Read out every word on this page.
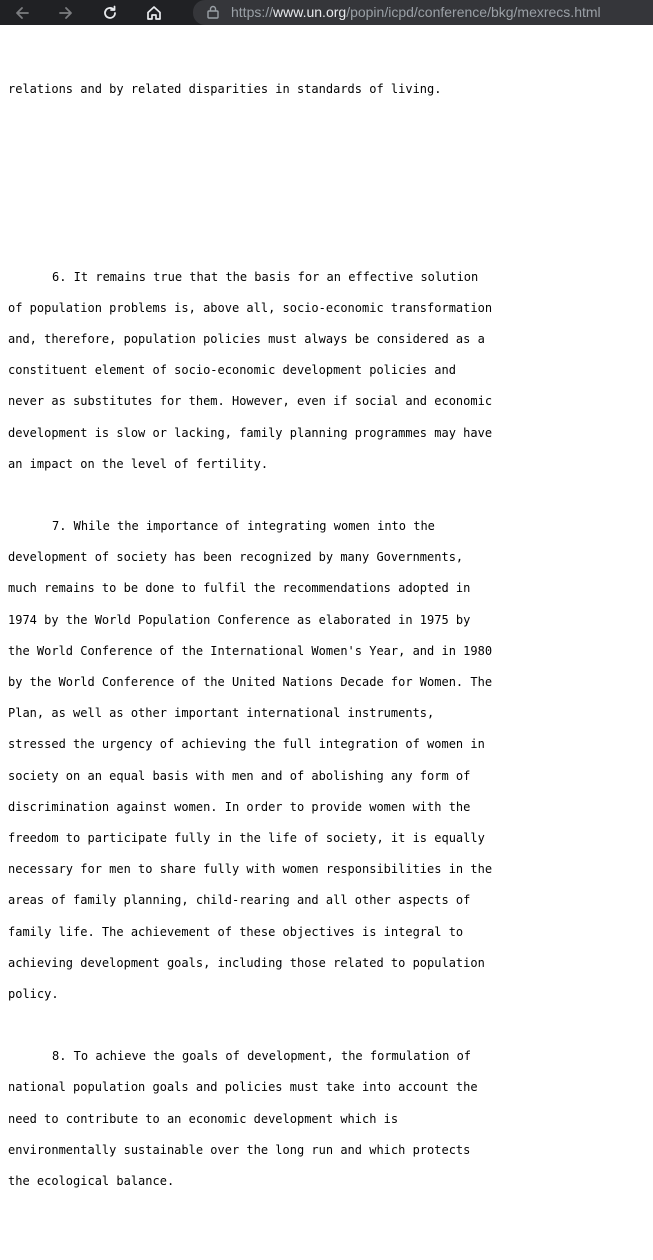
https://www.un.org/popin/icpd/conference/bkg/mexrecs.html

relations and by related disparities in standards of living.

6. It remains true that the basis for an effective solution
of population problems is, above all, socio-economic transformation
and, therefore, population policies must always be considered as a
constituent element of socio-economic development policies and
never as substitutes for them. However, even if social and economic
development is slow or lacking, family planning programmes may have
an impact on the level of fertility.
7. While the importance of integrating women into the
development of society has been recognized by many Governments,
much remains to be done to fulfil the recommendations adopted in
1974 by the World Population Conference as elaborated in 1975 by
the World Conference of the International Women's Year, and in 1980
by the World Conference of the United Nations Decade for Women. The
Plan, as well as other important international instruments,
stressed the urgency of achieving the full integration of women in
society on an equal basis with men and of abolishing any form of
discrimination against women. In order to provide women with the
freedom to participate fully in the life of society, it is equally
necessary for men to share fully with women responsibilities in the
areas of family planning, child-rearing and all other aspects of
family life. The achievement of these objectives is integral to
achieving development goals, including those related to population
policy.
8. To achieve the goals of development, the formulation of
national population goals and policies must take into account the
need to contribute to an economic development which is
environmentally sustainable over the long run and which protects
the ecological balance.
